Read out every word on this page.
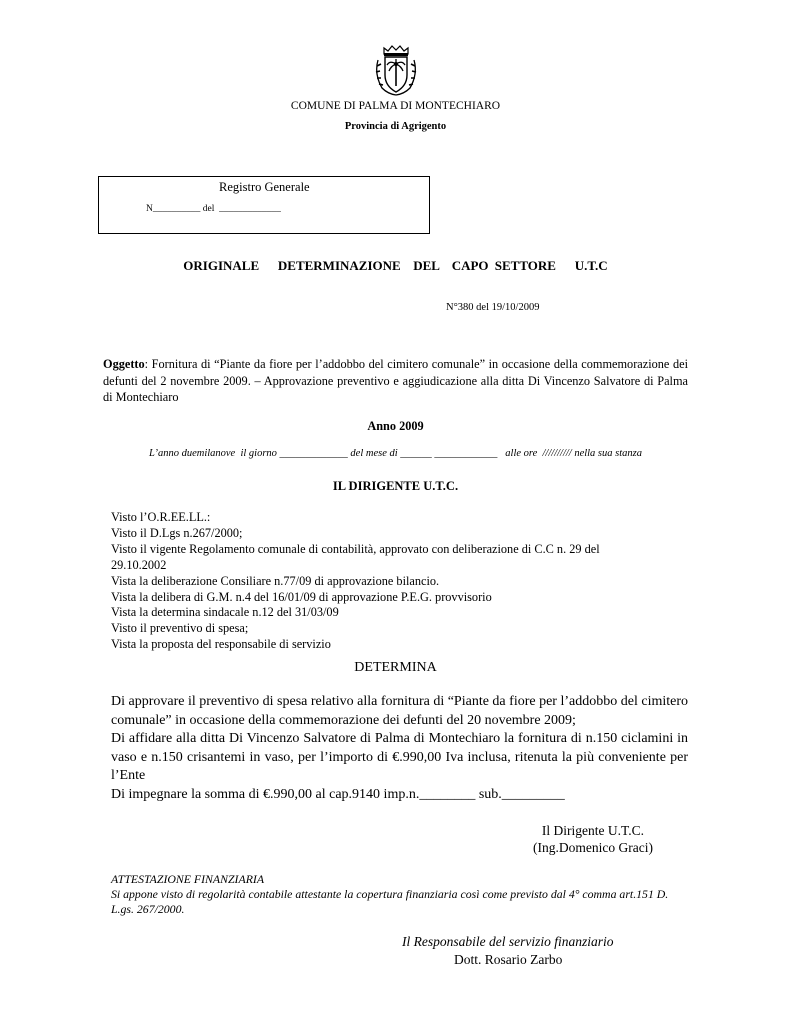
COMUNE DI PALMA DI MONTECHIARO
Provincia di Agrigento
Registro Generale
N__________ del  _____________
ORIGINALE   DETERMINAZIONE  DEL  CAPO SETTORE   U.T.C
N°380 del 19/10/2009
Oggetto: Fornitura di “Piante da fiore per l’addobbo del cimitero comunale” in occasione della commemorazione dei defunti del 2 novembre 2009. – Approvazione preventivo e aggiudicazione alla ditta Di Vincenzo Salvatore di Palma di Montechiaro
Anno 2009
L’anno duemilanove  il giorno _____________ del mese di ______ ____________   alle ore  ////////// nella sua stanza
IL DIRIGENTE U.T.C.
Visto l’O.R.EE.LL.:
Visto il D.Lgs n.267/2000;
Visto il vigente Regolamento comunale di contabilità, approvato con deliberazione di C.C n. 29 del
29.10.2002
Vista la deliberazione Consiliare n.77/09 di approvazione bilancio.
Vista la delibera di G.M. n.4 del 16/01/09 di approvazione P.E.G. provvisorio
Vista la determina sindacale n.12 del 31/03/09
Visto il preventivo di spesa;
Vista la proposta del responsabile di servizio
DETERMINA
Di approvare il preventivo di spesa relativo alla fornitura di “Piante da fiore per l’addobbo del cimitero comunale” in occasione della commemorazione dei defunti del 20 novembre 2009;
Di affidare alla ditta Di Vincenzo Salvatore di Palma di Montechiaro la fornitura di n.150 ciclamini in vaso e n.150 crisantemi in vaso, per l’importo di €.990,00 Iva inclusa, ritenuta la più conveniente per l’Ente
Di impegnare la somma di €.990,00 al cap.9140 imp.n.________ sub._________
Il Dirigente U.T.C.
(Ing.Domenico Graci)
ATTESTAZIONE FINANZIARIA
Si appone visto di regolarità contabile attestante la copertura finanziaria così come previsto dal 4° comma art.151 D. L.gs. 267/2000.
Il Responsabile del servizio finanziario
Dott. Rosario Zarbo
